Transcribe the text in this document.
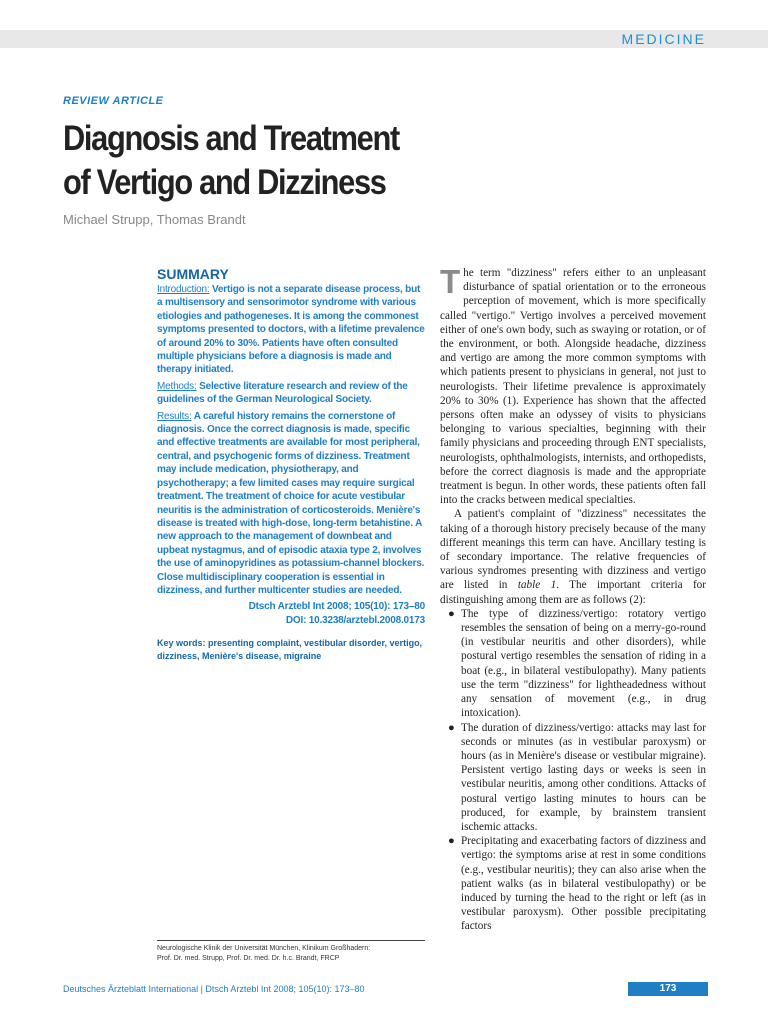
MEDICINE
REVIEW ARTICLE
Diagnosis and Treatment
of Vertigo and Dizziness
Michael Strupp, Thomas Brandt
SUMMARY

Introduction: Vertigo is not a separate disease process, but a multisensory and sensorimotor syndrome with various etiologies and pathogeneses. It is among the commonest symptoms presented to doctors, with a lifetime prevalence of around 20% to 30%. Patients have often consulted multiple physicians before a diagnosis is made and therapy initiated.

Methods: Selective literature research and review of the guidelines of the German Neurological Society.

Results: A careful history remains the cornerstone of diagnosis. Once the correct diagnosis is made, specific and effective treatments are available for most peripheral, central, and psychogenic forms of dizziness. Treatment may include medication, physiotherapy, and psychotherapy; a few limited cases may require surgical treatment. The treatment of choice for acute vestibular neuritis is the administration of corticosteroids. Menière's disease is treated with high-dose, long-term betahistine. A new approach to the management of downbeat and upbeat nystagmus, and of episodic ataxia type 2, involves the use of aminopyridines as potassium-channel blockers. Close multidisciplinary cooperation is essential in dizziness, and further multicenter studies are needed.

Dtsch Arztebl Int 2008; 105(10): 173–80

DOI: 10.3238/arztebl.2008.0173

Key words: presenting complaint, vestibular disorder, vertigo, dizziness, Menière's disease, migraine
Neurologische Klinik der Universität München, Klinikum Großhadern:
Prof. Dr. med. Strupp, Prof. Dr. med. Dr. h.c. Brandt, FRCP

The term "dizziness" refers either to an unpleasant disturbance of spatial orientation or to the erroneous perception of movement, which is more specifically called "vertigo." Vertigo involves a perceived movement either of one's own body, such as swaying or rotation, or of the environment, or both. Alongside headache, dizziness and vertigo are among the more common symptoms with which patients present to physicians in general, not just to neurologists. Their lifetime prevalence is approximately 20% to 30% (1). Experience has shown that the affected persons often make an odyssey of visits to physicians belonging to various specialties, beginning with their family physicians and proceeding through ENT specialists, neurologists, ophthalmologists, internists, and orthopedists, before the correct diagnosis is made and the appropriate treatment is begun. In other words, these patients often fall into the cracks between medical specialties.

A patient's complaint of "dizziness" necessitates the taking of a thorough history precisely because of the many different meanings this term can have. Ancillary testing is of secondary importance. The relative frequencies of various syndromes presenting with dizziness and vertigo are listed in table 1. The important criteria for distinguishing among them are as follows (2):

● The type of dizziness/vertigo: rotatory vertigo resembles the sensation of being on a merry-go-round (in vestibular neuritis and other disorders), while postural vertigo resembles the sensation of riding in a boat (e.g., in bilateral vestibulopathy). Many patients use the term "dizziness" for lightheadedness without any sensation of movement (e.g., in drug intoxication).
● The duration of dizziness/vertigo: attacks may last for seconds or minutes (as in vestibular paroxysm) or hours (as in Menière's disease or vestibular migraine). Persistent vertigo lasting days or weeks is seen in vestibular neuritis, among other conditions. Attacks of postural vertigo lasting minutes to hours can be produced, for example, by brainstem transient ischemic attacks.
● Precipitating and exacerbating factors of dizziness and vertigo: the symptoms arise at rest in some conditions (e.g., vestibular neuritis); they can also arise when the patient walks (as in bilateral vestibulopathy) or be induced by turning the head to the right or left (as in vestibular paroxysm). Other possible precipitating factors
Deutsches Ärzteblatt International | Dtsch Arztebl Int 2008; 105(10): 173–80	173
